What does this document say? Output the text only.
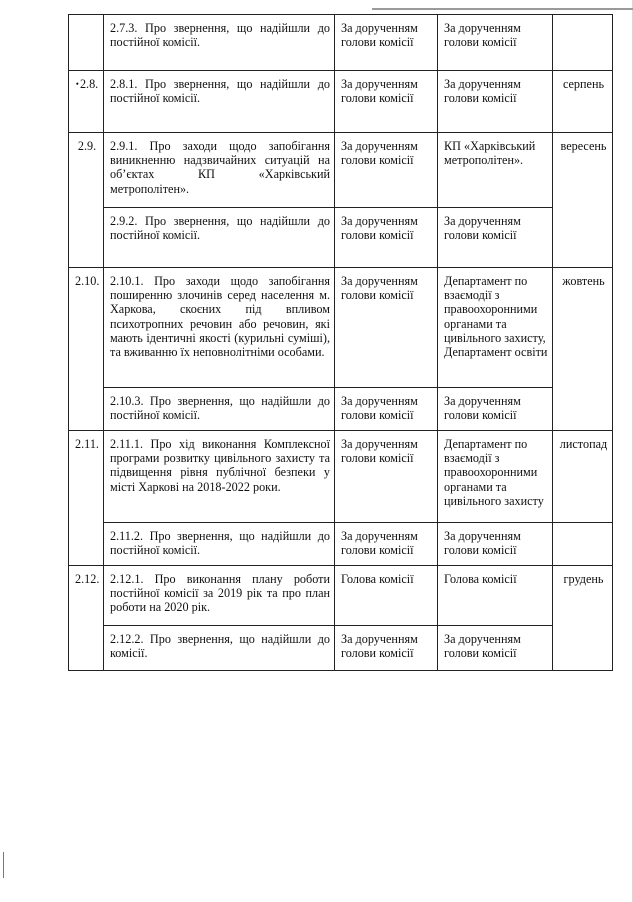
	2.7.3. Про звернення, що надійшли до постійної комісії.	За дорученням голови комісії	За дорученням голови комісії	
•2.8.	2.8.1. Про звернення, що надійшли до постійної комісії.	За дорученням голови комісії	За дорученням голови комісії	серпень
2.9.	2.9.1. Про заходи щодо запобігання виникненню надзвичайних ситуацій на об’єктах КП «Харківський метрополітен».	За дорученням голови комісії	КП «Харківський метрополітен».	вересень
	2.9.2. Про звернення, що надійшли до постійної комісії.	За дорученням голови комісії	За дорученням голови комісії	
2.10.	2.10.1. Про заходи щодо запобігання поширенню злочинів серед населення м. Харкова, скоєних під впливом психотропних речовин або речовин, які мають ідентичні якості (курильні суміші), та вживанню їх неповнолітніми особами.	За дорученням голови комісії	Департамент по взаємодії з правоохоронними органами та цивільного захисту, Департамент освіти	жовтень
	2.10.3. Про звернення, що надійшли до постійної комісії.	За дорученням голови комісії	За дорученням голови комісії	
2.11.	2.11.1. Про хід виконання Комплексної програми розвитку цивільного захисту та підвищення рівня публічної безпеки у місті Харкові на 2018-2022 роки.	За дорученням голови комісії	Департамент по взаємодії з правоохоронними органами та цивільного захисту	листопад
	2.11.2. Про звернення, що надійшли до постійної комісії.	За дорученням голови комісії	За дорученням голови комісії	
2.12.	2.12.1. Про виконання плану роботи постійної комісії за 2019 рік та про план роботи на 2020 рік.	Голова комісії	Голова комісії	грудень
	2.12.2. Про звернення, що надійшли до комісії.	За дорученням голови комісії	За дорученням голови комісії	
